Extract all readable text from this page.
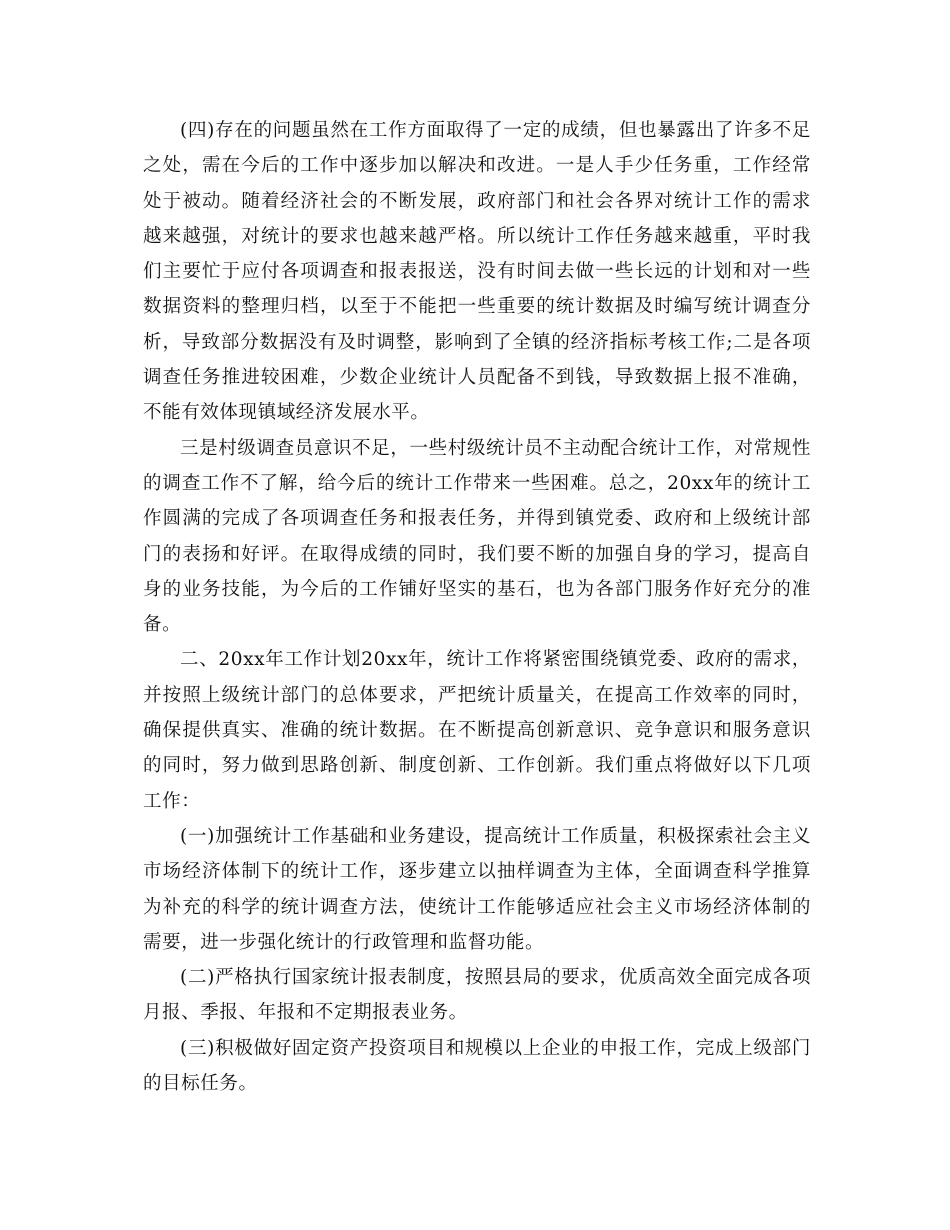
(四)存在的问题虽然在工作方面取得了一定的成绩，但也暴露出了许多不足之处，需在今后的工作中逐步加以解决和改进。一是人手少任务重，工作经常处于被动。随着经济社会的不断发展，政府部门和社会各界对统计工作的需求越来越强，对统计的要求也越来越严格。所以统计工作任务越来越重，平时我们主要忙于应付各项调查和报表报送，没有时间去做一些长远的计划和对一些数据资料的整理归档，以至于不能把一些重要的统计数据及时编写统计调查分析，导致部分数据没有及时调整，影响到了全镇的经济指标考核工作;二是各项调查任务推进较困难，少数企业统计人员配备不到钱，导致数据上报不准确，不能有效体现镇域经济发展水平。

三是村级调查员意识不足，一些村级统计员不主动配合统计工作，对常规性的调查工作不了解，给今后的统计工作带来一些困难。总之，20xx年的统计工作圆满的完成了各项调查任务和报表任务，并得到镇党委、政府和上级统计部门的表扬和好评。在取得成绩的同时，我们要不断的加强自身的学习，提高自身的业务技能，为今后的工作铺好坚实的基石，也为各部门服务作好充分的准备。

二、20xx年工作计划20xx年，统计工作将紧密围绕镇党委、政府的需求，并按照上级统计部门的总体要求，严把统计质量关，在提高工作效率的同时，确保提供真实、准确的统计数据。在不断提高创新意识、竞争意识和服务意识的同时，努力做到思路创新、制度创新、工作创新。我们重点将做好以下几项工作：

(一)加强统计工作基础和业务建设，提高统计工作质量，积极探索社会主义市场经济体制下的统计工作，逐步建立以抽样调查为主体，全面调查科学推算为补充的科学的统计调查方法，使统计工作能够适应社会主义市场经济体制的需要，进一步强化统计的行政管理和监督功能。

(二)严格执行国家统计报表制度，按照县局的要求，优质高效全面完成各项月报、季报、年报和不定期报表业务。

(三)积极做好固定资产投资项目和规模以上企业的申报工作，完成上级部门的目标任务。
